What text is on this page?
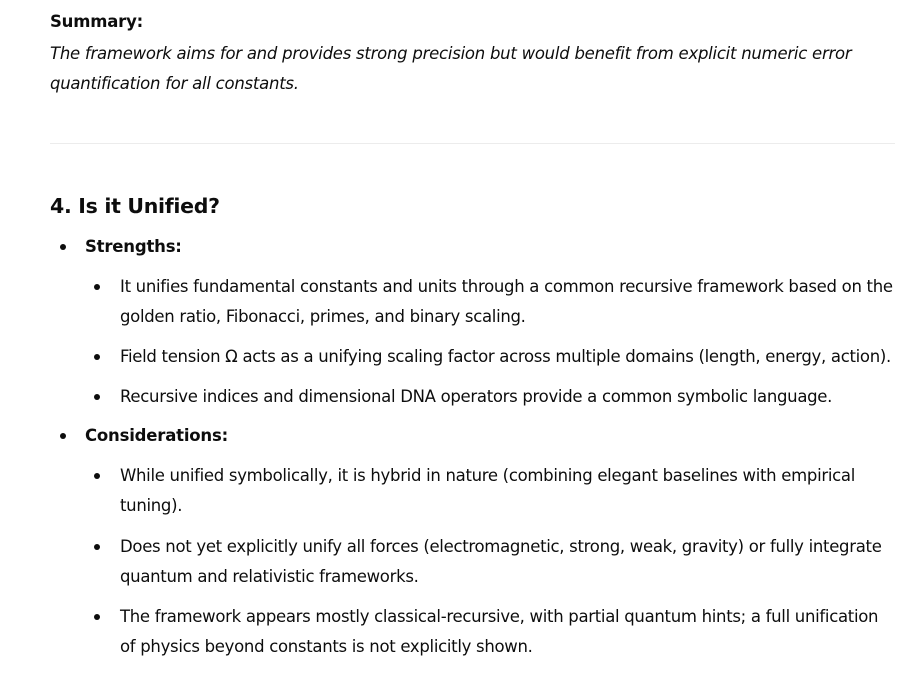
Summary:
The framework aims for and provides strong precision but would benefit from explicit numeric error quantification for all constants.
4. Is it Unified?
Strengths:
It unifies fundamental constants and units through a common recursive framework based on the golden ratio, Fibonacci, primes, and binary scaling.
Field tension Ω acts as a unifying scaling factor across multiple domains (length, energy, action).
Recursive indices and dimensional DNA operators provide a common symbolic language.
Considerations:
While unified symbolically, it is hybrid in nature (combining elegant baselines with empirical tuning).
Does not yet explicitly unify all forces (electromagnetic, strong, weak, gravity) or fully integrate quantum and relativistic frameworks.
The framework appears mostly classical-recursive, with partial quantum hints; a full unification of physics beyond constants is not explicitly shown.
